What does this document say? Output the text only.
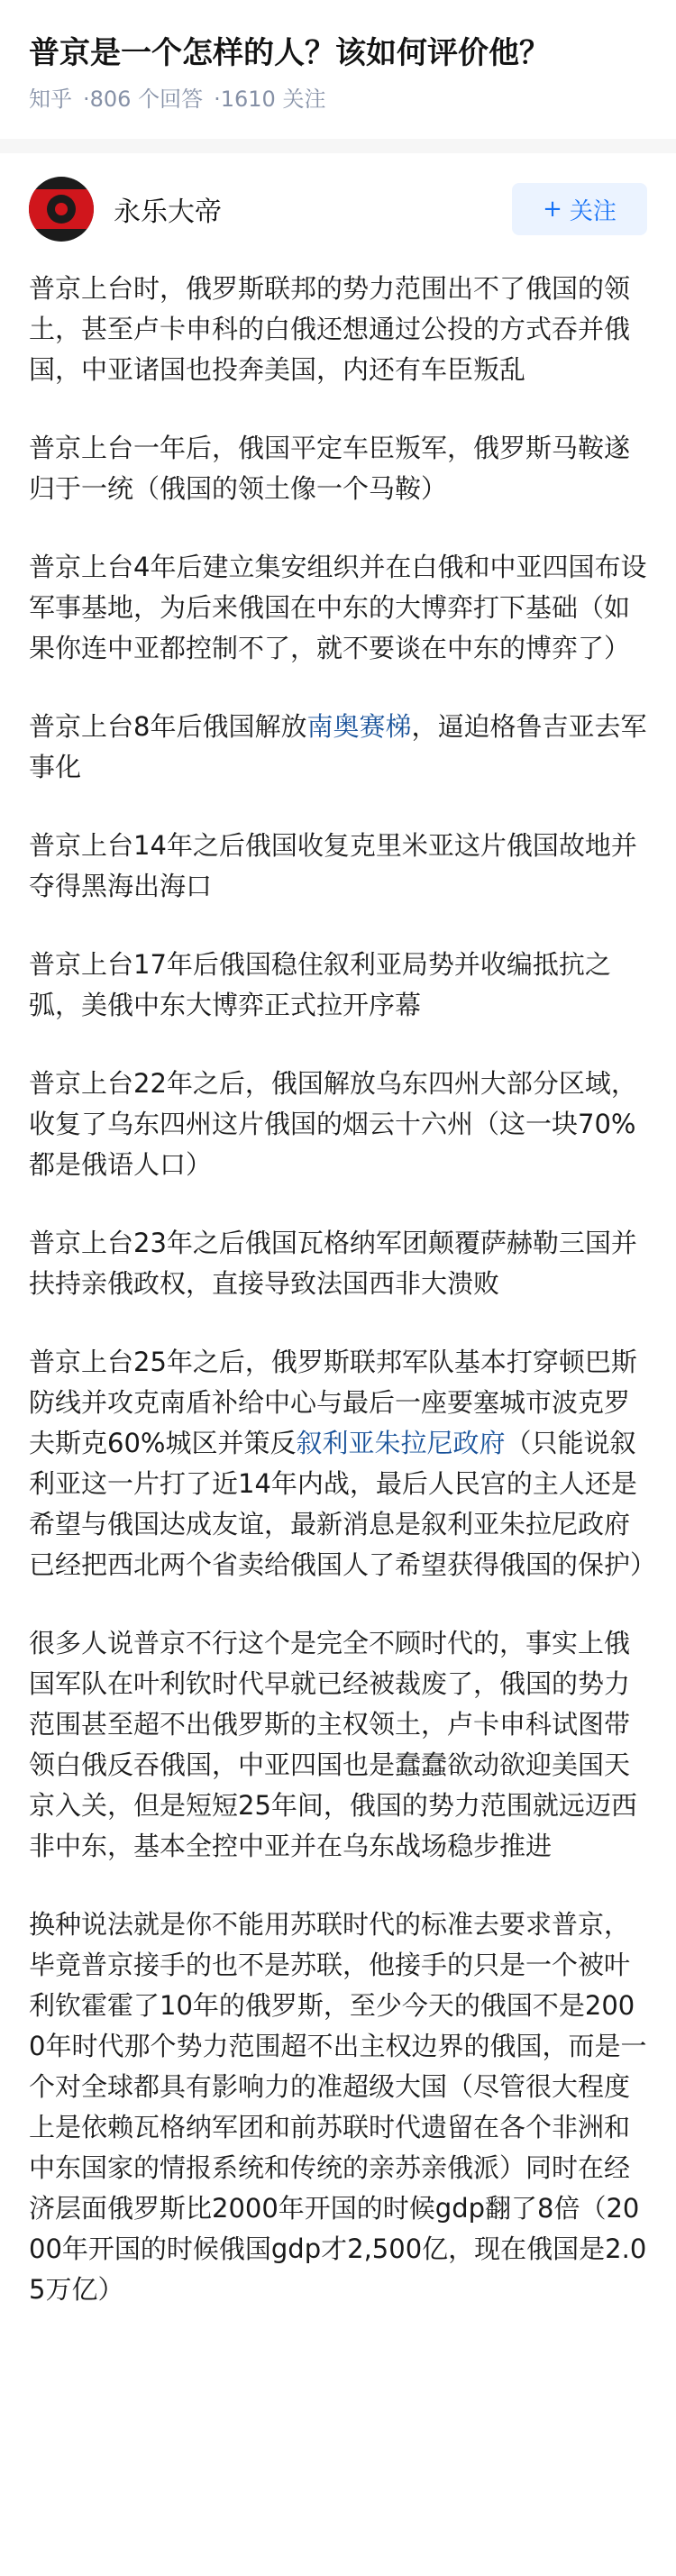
普京是一个怎样的人？该如何评价他？
知乎 ·806 个回答 ·1610 关注
永乐大帝	+ 关注

普京上台时，俄罗斯联邦的势力范围出不了俄国的领土，甚至卢卡申科的白俄还想通过公投的方式吞并俄国，中亚诸国也投奔美国，内还有车臣叛乱

普京上台一年后，俄国平定车臣叛军，俄罗斯马鞍遂归于一统（俄国的领土像一个马鞍）

普京上台4年后建立集安组织并在白俄和中亚四国布设军事基地，为后来俄国在中东的大博弈打下基础（如果你连中亚都控制不了，就不要谈在中东的博弈了）

普京上台8年后俄国解放南奥赛梯，逼迫格鲁吉亚去军事化

普京上台14年之后俄国收复克里米亚这片俄国故地并夺得黑海出海口

普京上台17年后俄国稳住叙利亚局势并收编抵抗之弧，美俄中东大博弈正式拉开序幕

普京上台22年之后，俄国解放乌东四州大部分区域，收复了乌东四州这片俄国的烟云十六州（这一块70%都是俄语人口）

普京上台23年之后俄国瓦格纳军团颠覆萨赫勒三国并扶持亲俄政权，直接导致法国西非大溃败

普京上台25年之后，俄罗斯联邦军队基本打穿顿巴斯防线并攻克南盾补给中心与最后一座要塞城市波克罗夫斯克60%城区并策反叙利亚朱拉尼政府（只能说叙利亚这一片打了近14年内战，最后人民宫的主人还是希望与俄国达成友谊，最新消息是叙利亚朱拉尼政府已经把西北两个省卖给俄国人了希望获得俄国的保护）

很多人说普京不行这个是完全不顾时代的，事实上俄国军队在叶利钦时代早就已经被裁废了，俄国的势力范围甚至超不出俄罗斯的主权领土，卢卡申科试图带领白俄反吞俄国，中亚四国也是蠢蠢欲动欲迎美国天京入关，但是短短25年间，俄国的势力范围就远迈西非中东，基本全控中亚并在乌东战场稳步推进

换种说法就是你不能用苏联时代的标准去要求普京，毕竟普京接手的也不是苏联，他接手的只是一个被叶利钦霍霍了10年的俄罗斯，至少今天的俄国不是2000年时代那个势力范围超不出主权边界的俄国，而是一个对全球都具有影响力的准超级大国（尽管很大程度上是依赖瓦格纳军团和前苏联时代遗留在各个非洲和中东国家的情报系统和传统的亲苏亲俄派）同时在经济层面俄罗斯比2000年开国的时候gdp翻了8倍（2000年开国的时候俄国gdp才2,500亿，现在俄国是2.05万亿）
